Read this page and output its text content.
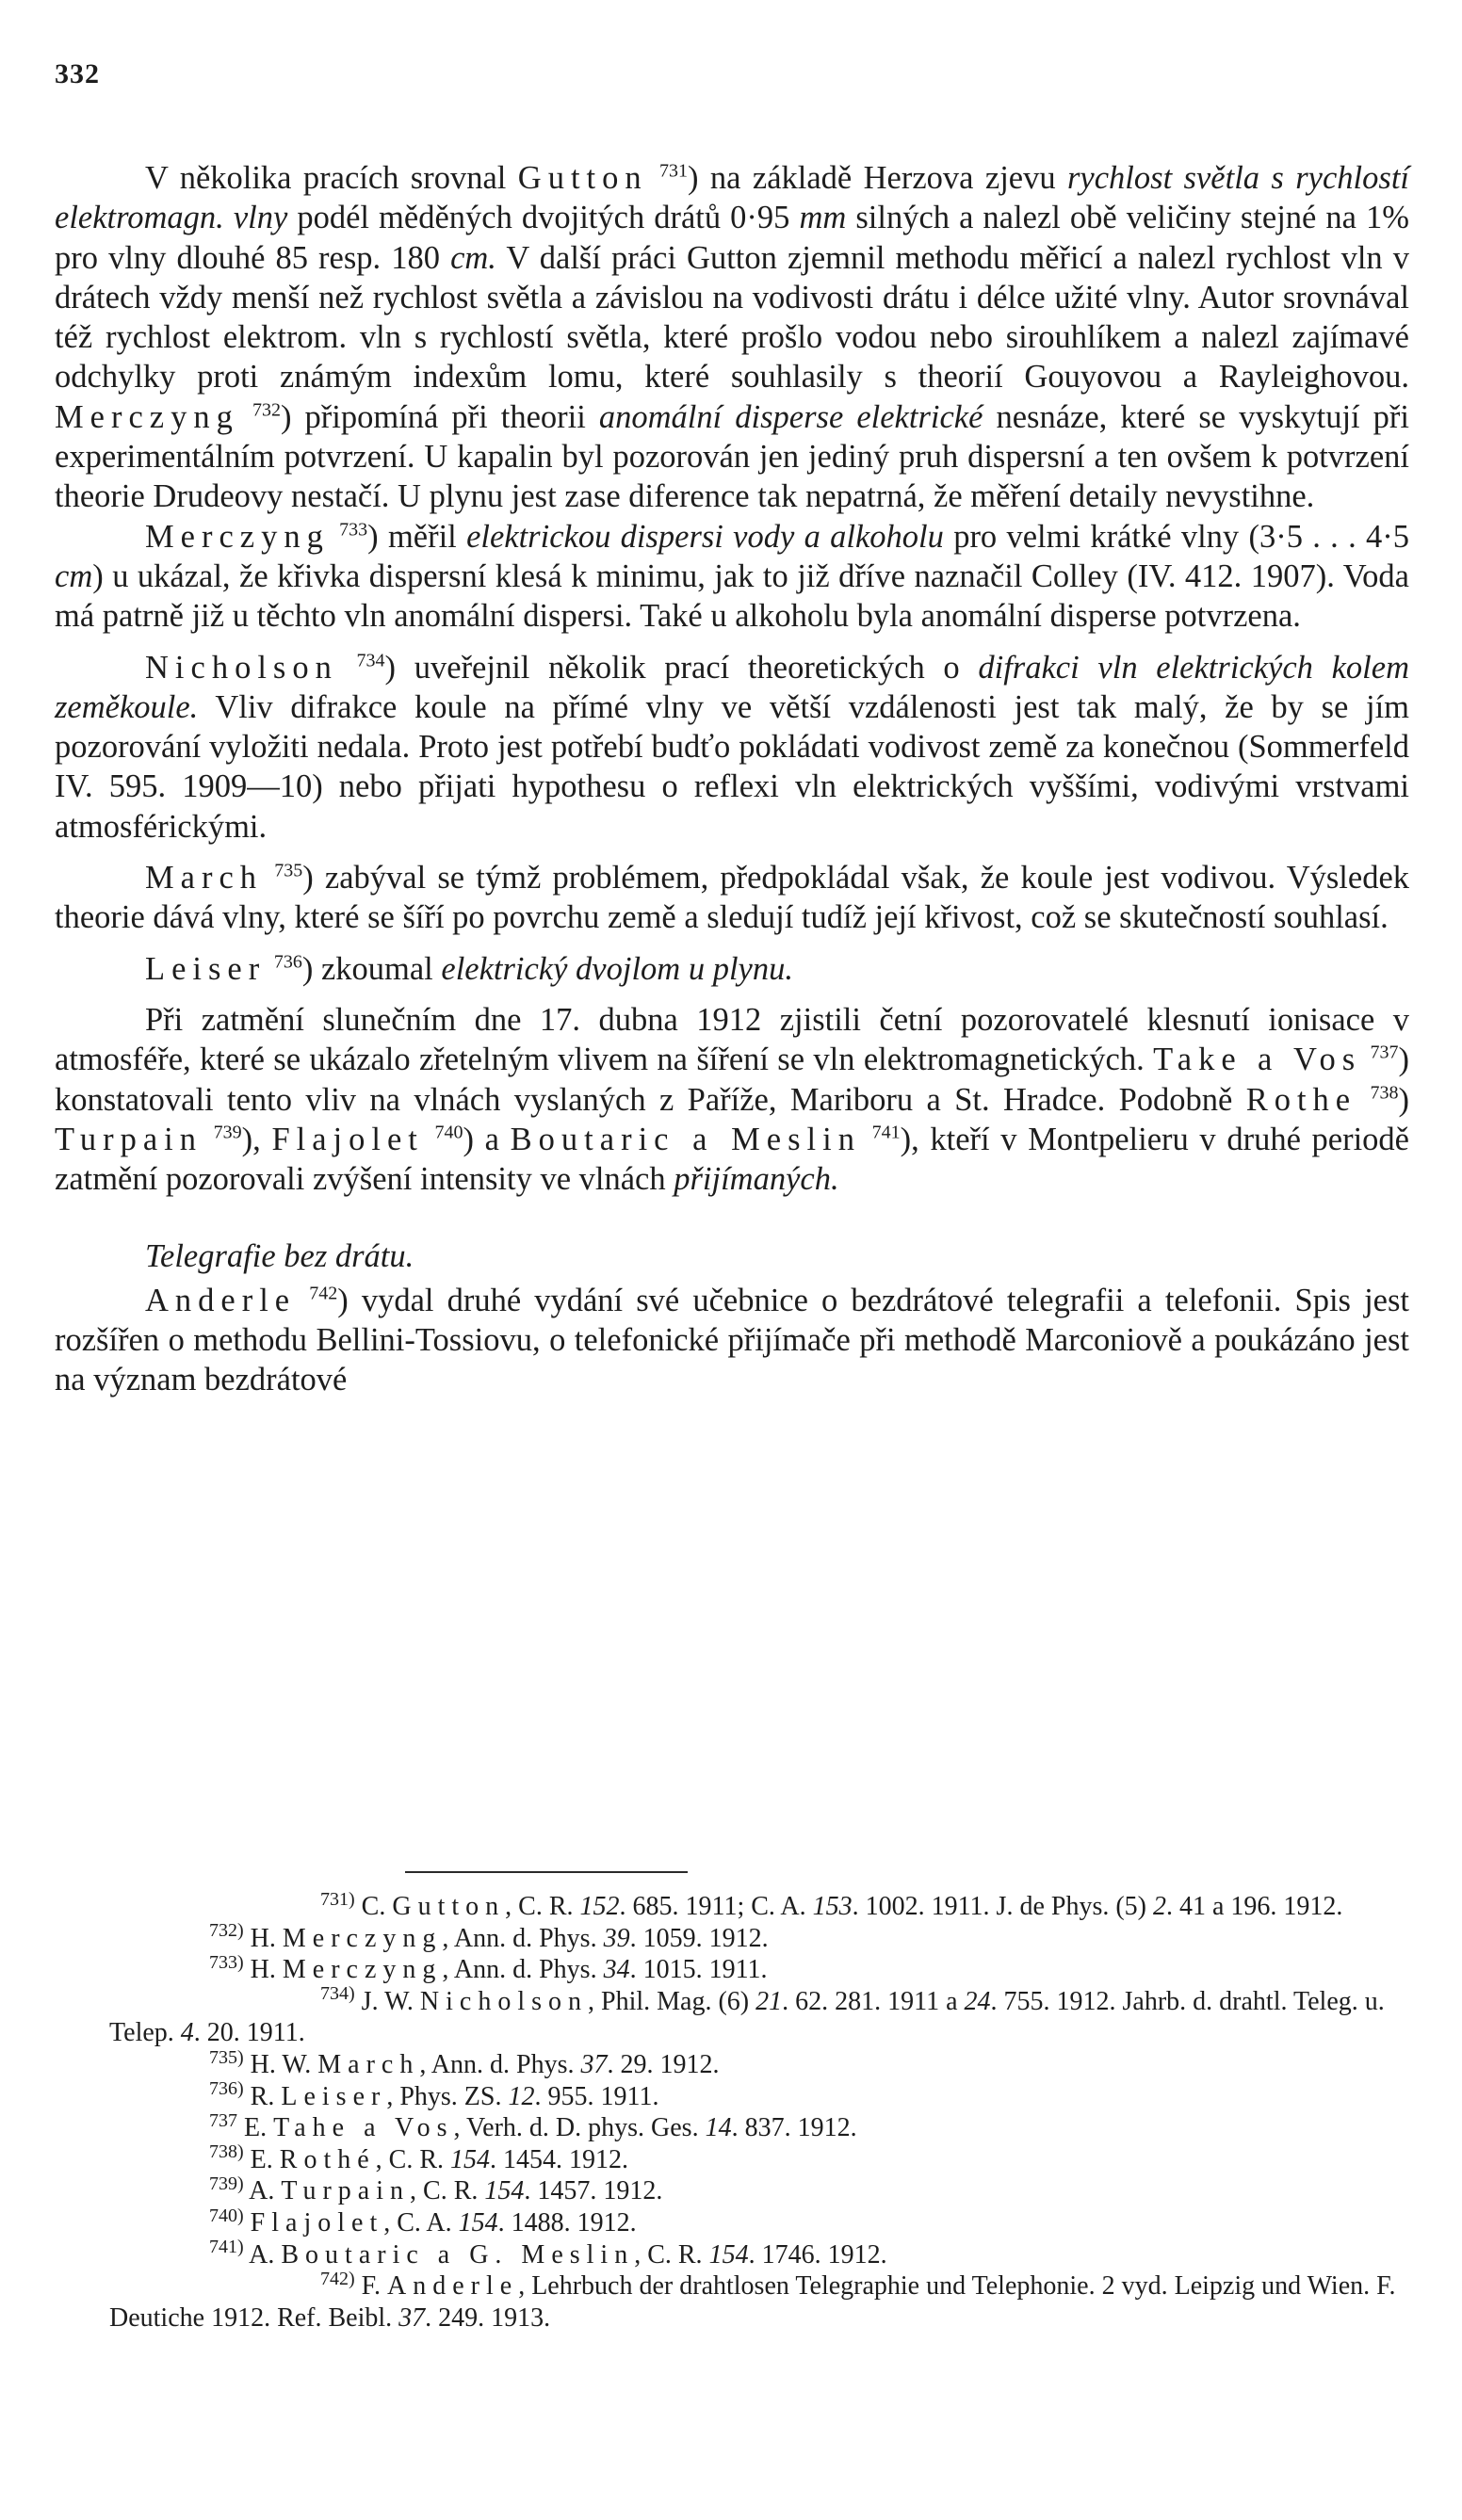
332

V několika pracích srovnal Gutton $^{731}$) na základě Herzova zjevu rychlost světla s rychlostí elektromagn. vlny podél měděných dvojitých drátů 0·95 mm silných a nalezl obě veličiny stejné na 1% pro vlny dlouhé 85 resp. 180 cm. V další práci Gutton zjemnil methodu měřicí a nalezl rychlost vln v drátech vždy menší než rychlost světla a závislou na vodivosti drátu i délce užité vlny. Autor srovnával též rychlost elektrom. vln s rychlostí světla, které prošlo vodou nebo sirouhlíkem a nalezl zajímavé odchylky proti známým indexům lomu, které souhlasily s theorií Gouyovou a Rayleighovou. Merczyng $^{732}$) připomíná při theorii anomální disperse elektrické nesnáze, které se vyskytují při experimentálním potvrzení. U kapalin byl pozorován jen jediný pruh dispersní a ten ovšem k potvrzení theorie Drudeovy nestačí. U plynu jest zase diference tak nepatrná, že měření detaily nevystihne.

Merczyng $^{733}$) měřil elektrickou dispersi vody a alkoholu pro velmi krátké vlny (3·5 . . . 4·5 cm) u ukázal, že křivka dispersní klesá k minimu, jak to již dříve naznačil Colley (IV. 412. 1907). Voda má patrně již u těchto vln anomální dispersi. Také u alkoholu byla anomální disperse potvrzena.

Nicholson $^{734}$) uveřejnil několik prací theoretických o difrakci vln elektrických kolem zeměkoule. Vliv difrakce koule na přímé vlny ve větší vzdálenosti jest tak malý, že by se jím pozorování vyložiti nedala. Proto jest potřebí budťo pokládati vodivost země za konečnou (Sommerfeld IV. 595. 1909—10) nebo přijati hypothesu o reflexi vln elektrických vyššími, vodivými vrstvami atmosférickými.

March $^{735}$) zabýval se týmž problémem, předpokládal však, že koule jest vodivou. Výsledek theorie dává vlny, které se šíří po povrchu země a sledují tudíž její křivost, což se skutečností souhlasí.

Leiser $^{736}$) zkoumal elektrický dvojlom u plynu.

Při zatmění slunečním dne 17. dubna 1912 zjistili četní pozorovatelé klesnutí ionisace v atmosféře, které se ukázalo zřetelným vlivem na šíření se vln elektromagnetických. Take a Vos $^{737}$) konstatovali tento vliv na vlnách vyslaných z Paříže, Mariboru a St. Hradce. Podobně Rothe $^{738}$) Turpain $^{739}$), Flajolet $^{740}$) a Boutaric a Meslin $^{741}$), kteří v Montpelieru v druhé periodě zatmění pozorovali zvýšení intensity ve vlnách přijímaných.

Telegrafie bez drátu.

Anderle $^{742}$) vydal druhé vydání své učebnice o bezdrátové telegrafii a telefonii. Spis jest rozšířen o methodu Bellini-Tossiovu, o telefonické přijímače při methodě Marconiově a poukázáno jest na význam bezdrátové

731) C. Gutton, C. R. 152. 685. 1911; C. A. 153. 1002. 1911. J. de Phys. (5) 2. 41 a 196. 1912.

732) H. Merczyng, Ann. d. Phys. 39. 1059. 1912.

733) H. Merczyng, Ann. d. Phys. 34. 1015. 1911.

734) J. W. Nicholson, Phil. Mag. (6) 21. 62. 281. 1911 a 24. 755. 1912. Jahrb. d. drahtl. Teleg. u. Telep. 4. 20. 1911.

735) H. W. March, Ann. d. Phys. 37. 29. 1912.

736) R. Leiser, Phys. ZS. 12. 955. 1911.

737 E. Tahe a Vos, Verh. d. D. phys. Ges. 14. 837. 1912.

738) E. Rothé, C. R. 154. 1454. 1912.

739) A. Turpain, C. R. 154. 1457. 1912.

740) Flajolet, C. A. 154. 1488. 1912.

741) A. Boutaric a G. Meslin, C. R. 154. 1746. 1912.

742) F. Anderle, Lehrbuch der drahtlosen Telegraphie und Telephonie. 2 vyd. Leipzig und Wien. F. Deutiche 1912. Ref. Beibl. 37. 249. 1913.
